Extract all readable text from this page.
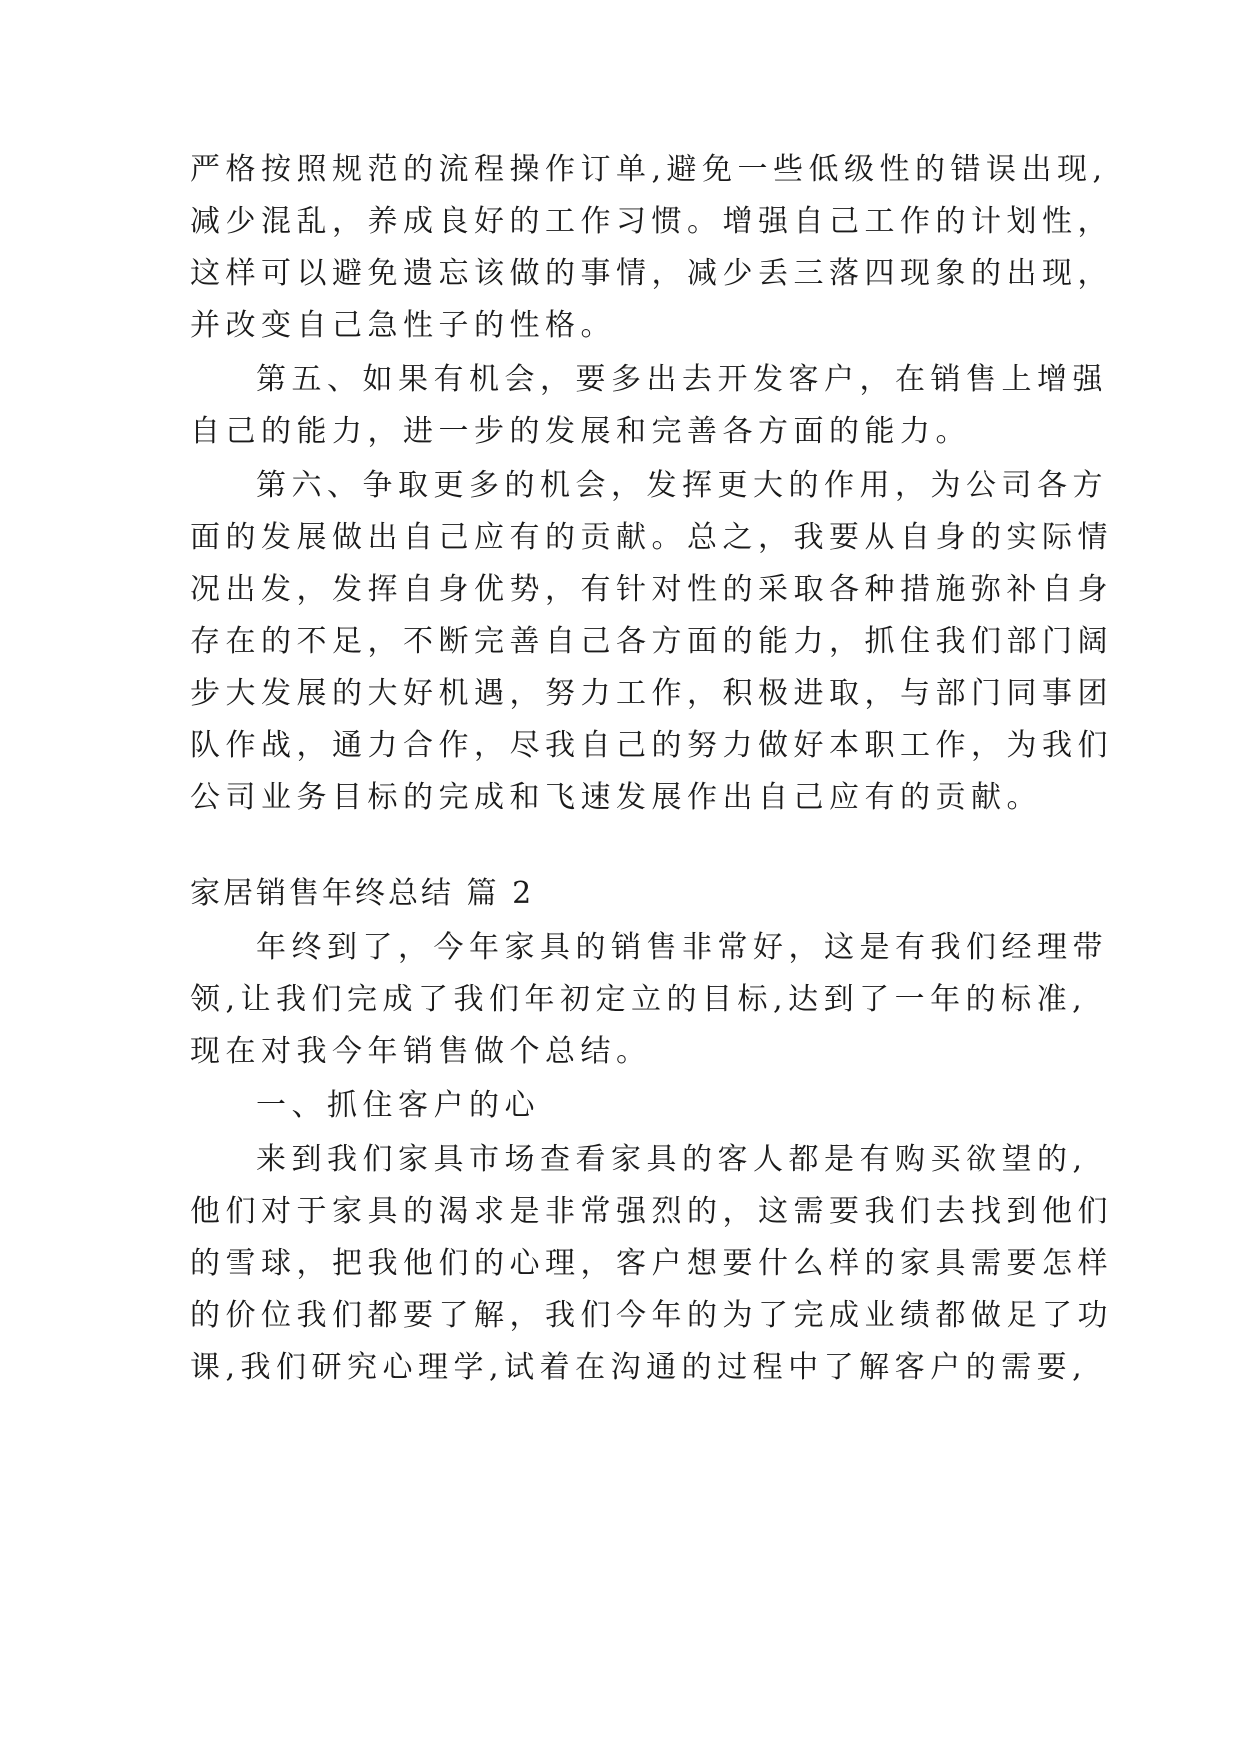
严格按照规范的流程操作订单,避免一些低级性的错误出现,
减少混乱，养成良好的工作习惯。增强自己工作的计划性，
这样可以避免遗忘该做的事情，减少丢三落四现象的出现，
并改变自己急性子的性格。
第五、如果有机会，要多出去开发客户，在销售上增强
自己的能力，进一步的发展和完善各方面的能力。
第六、争取更多的机会，发挥更大的作用，为公司各方
面的发展做出自己应有的贡献。总之，我要从自身的实际情
况出发，发挥自身优势，有针对性的采取各种措施弥补自身
存在的不足，不断完善自己各方面的能力，抓住我们部门阔
步大发展的大好机遇，努力工作，积极进取，与部门同事团
队作战，通力合作，尽我自己的努力做好本职工作，为我们
公司业务目标的完成和飞速发展作出自己应有的贡献。
家居销售年终总结 篇 2
年终到了，今年家具的销售非常好，这是有我们经理带
领,让我们完成了我们年初定立的目标,达到了一年的标准,
现在对我今年销售做个总结。
一、抓住客户的心
来到我们家具市场查看家具的客人都是有购买欲望的,
他们对于家具的渴求是非常强烈的，这需要我们去找到他们
的雪球，把我他们的心理，客户想要什么样的家具需要怎样
的价位我们都要了解，我们今年的为了完成业绩都做足了功
课,我们研究心理学,试着在沟通的过程中了解客户的需要,
